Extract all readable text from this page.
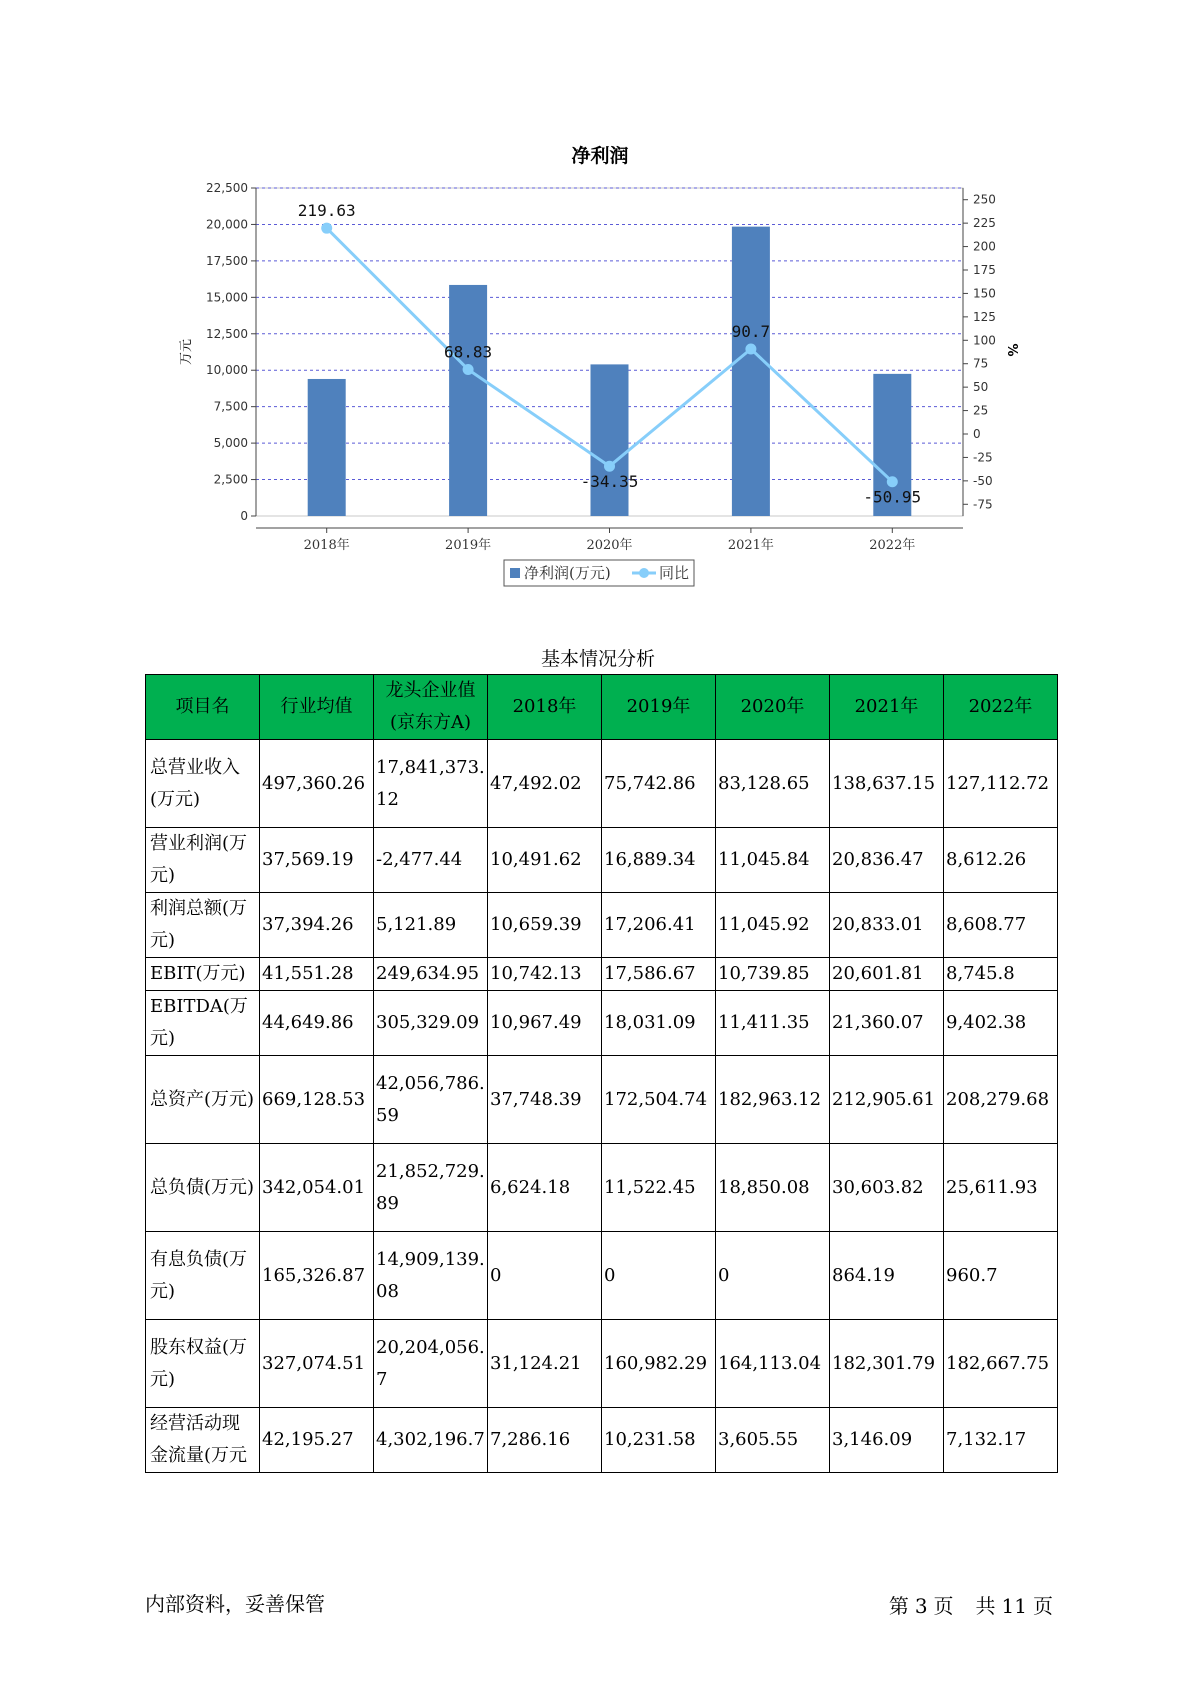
净利润
0
2,500
5,000
7,500
10,000
12,500
15,000
17,500
20,000
22,500
-75
-50
-25
0
25
50
75
100
125
150
175
200
225
250
万元	%
2018年	2019年	2020年	2021年	2022年
219.63
68.83
-34.35
90.7
-50.95
净利润(万元)	同比
基本情况分析
项目名	行业均值	龙头企业值(京东方A)	2018年	2019年	2020年	2021年	2022年
总营业收入(万元)	497,360.26	17,841,373.12	47,492.02	75,742.86	83,128.65	138,637.15	127,112.72
营业利润(万元)	37,569.19	-2,477.44	10,491.62	16,889.34	11,045.84	20,836.47	8,612.26
利润总额(万元)	37,394.26	5,121.89	10,659.39	17,206.41	11,045.92	20,833.01	8,608.77
EBIT(万元)	41,551.28	249,634.95	10,742.13	17,586.67	10,739.85	20,601.81	8,745.8
EBITDA(万元)	44,649.86	305,329.09	10,967.49	18,031.09	11,411.35	21,360.07	9,402.38
总资产(万元)	669,128.53	42,056,786.59	37,748.39	172,504.74	182,963.12	212,905.61	208,279.68
总负债(万元)	342,054.01	21,852,729.89	6,624.18	11,522.45	18,850.08	30,603.82	25,611.93
有息负债(万元)	165,326.87	14,909,139.08	0	0	0	864.19	960.7
股东权益(万元)	327,074.51	20,204,056.7	31,124.21	160,982.29	164,113.04	182,301.79	182,667.75
经营活动现金流量(万元	42,195.27	4,302,196.7	7,286.16	10,231.58	3,605.55	3,146.09	7,132.17
内部资料，妥善保管	第 3 页 共 11 页
